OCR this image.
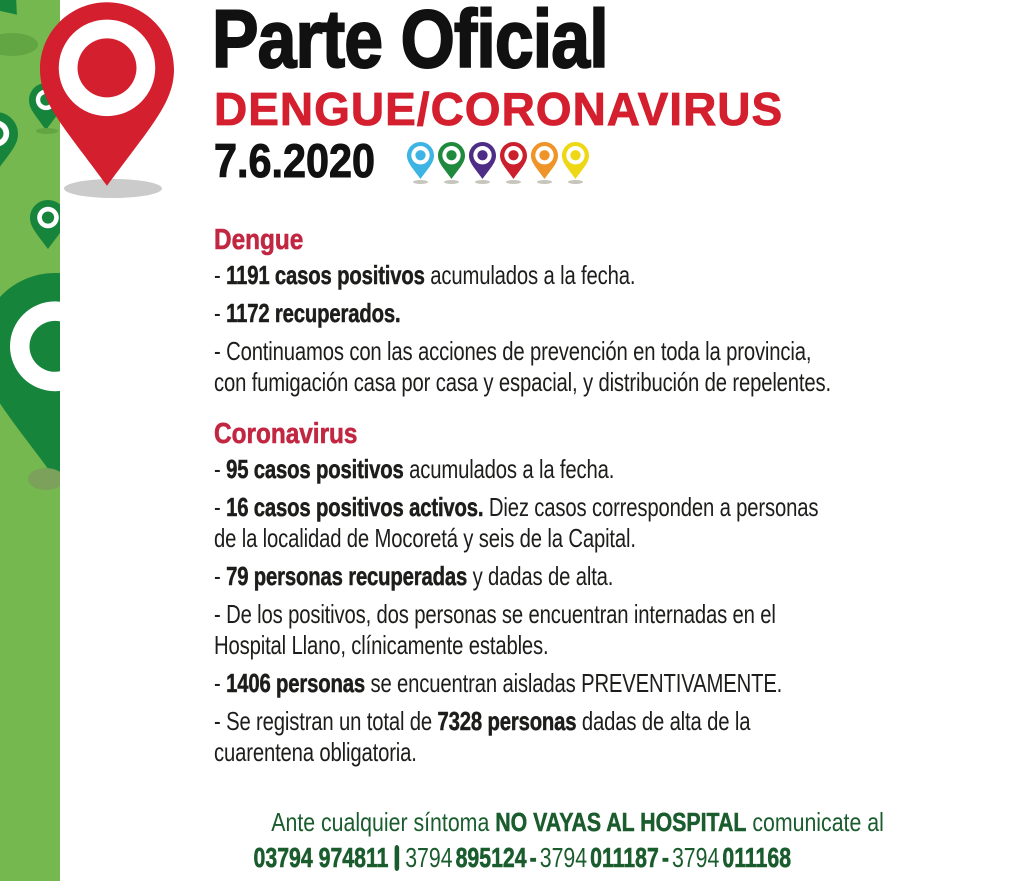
Parte Oficial
DENGUE/CORONAVIRUS
7.6.2020
Dengue
- 1191 casos positivos acumulados a la fecha.
- 1172 recuperados.
- Continuamos con las acciones de prevención en toda la provincia,
con fumigación casa por casa y espacial, y distribución de repelentes.
Coronavirus
- 95 casos positivos acumulados a la fecha.
- 16 casos positivos activos. Diez casos corresponden a personas
de la localidad de Mocoretá y seis de la Capital.
- 79 personas recuperadas y dadas de alta.
- De los positivos, dos personas se encuentran internadas en el
Hospital Llano, clínicamente estables.
- 1406 personas se encuentran aisladas PREVENTIVAMENTE.
- Se registran un total de 7328 personas dadas de alta de la
cuarentena obligatoria.
Ante cualquier síntoma NO VAYAS AL HOSPITAL comunicate al
03794 974811 3794 895124 - 3794 011187 - 3794 011168
